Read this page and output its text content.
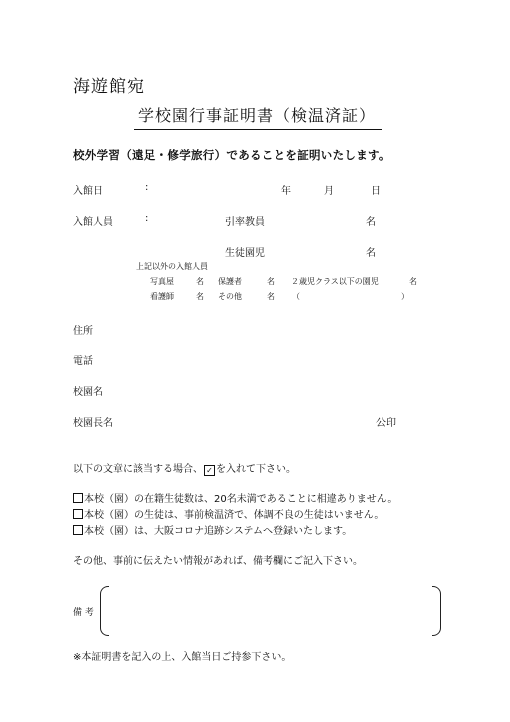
海遊館宛
学校園行事証明書（検温済証）
校外学習（遠足・修学旅行）であることを証明いたします。
入館日	:	年	月	日
入館人員	:	引率教員	名
生徒園児	名
上記以外の入館人員
写真屋	名 保護者	名 ２歳児クラス以下の園児	名
看護師	名 その他	名 （	）
住所
電話
校園名
校園長名	公印
以下の文章に該当する場合、 ✓ を入れて下さい。
本校（園）の在籍生徒数は、20名未満であることに相違ありません。
本校（園）の生徒は、事前検温済で、体調不良の生徒はいません。
本校（園）は、大阪コロナ追跡システムへ登録いたします。
その他、事前に伝えたい情報があれば、備考欄にご記入下さい。
備 考
※本証明書を記入の上、入館当日ご持参下さい。
